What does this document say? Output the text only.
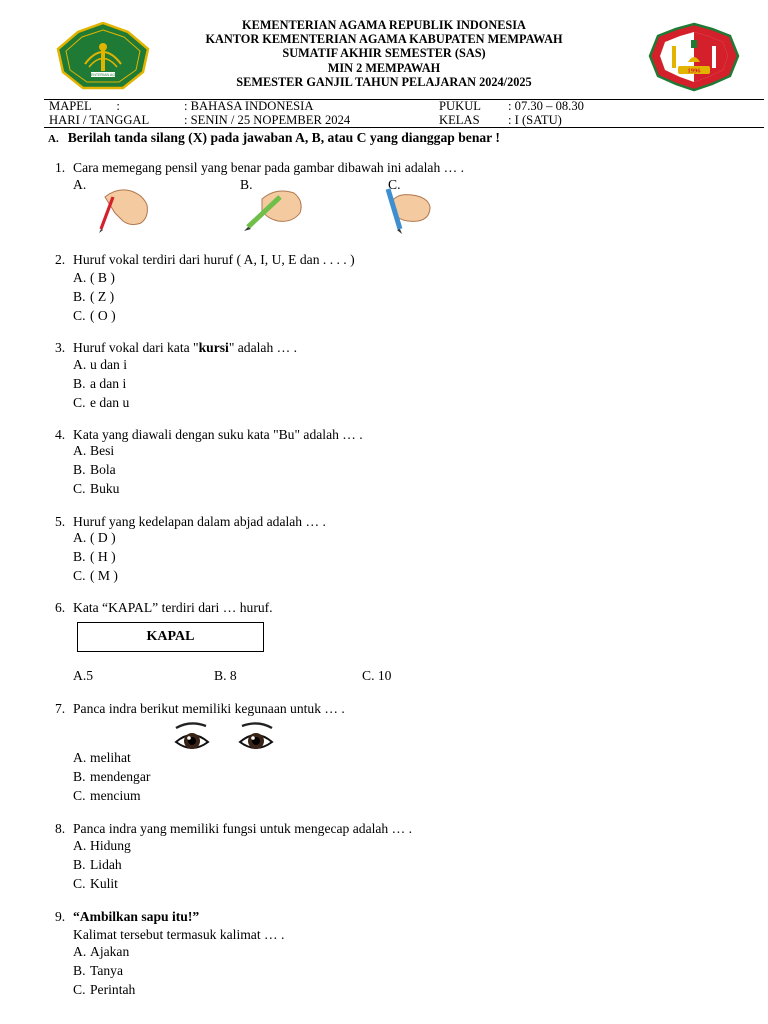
KEMENTERIAN AGAMA REPUBLIK INDONESIA
KANTOR KEMENTERIAN AGAMA KABUPATEN MEMPAWAH
SUMATIF AKHIR SEMESTER (SAS)
MIN 2 MEMPAWAH
SEMESTER GANJIL TAHUN PELAJARAN 2024/2025
KEMENTERIAN AGAMA
1996
MAPEL        :	: BAHASA INDONESIA	PUKUL : 07.30 – 08.30
HARI / TANGGAL	: SENIN / 25 NOPEMBER 2024	KELAS : I (SATU)
A. Berilah tanda silang (X) pada jawaban A, B, atau C yang dianggap benar !
1. Cara memegang pensil yang benar pada gambar dibawah ini adalah … .
A.	B.	C.
2. Huruf vokal terdiri dari huruf ( A, I, U, E dan . . . . )
A. ( B )
B. ( Z )
C. ( O )
3. Huruf vokal dari kata "kursi" adalah … .
A. u dan i
B. a dan i
C. e dan u
4. Kata yang diawali dengan suku kata "Bu" adalah … .
A. Besi
B. Bola
C. Buku
5. Huruf yang kedelapan dalam abjad adalah … .
A. ( D )
B. ( H )
C. ( M )
6. Kata “KAPAL” terdiri dari … huruf.
KAPAL
A.5	B. 8	C. 10
7. Panca indra berikut memiliki kegunaan untuk … .
A. melihat
B. mendengar
C. mencium
8. Panca indra yang memiliki fungsi untuk mengecap adalah … .
A. Hidung
B. Lidah
C. Kulit
9. “Ambilkan sapu itu!”
Kalimat tersebut termasuk kalimat … .
A. Ajakan
B. Tanya
C. Perintah
